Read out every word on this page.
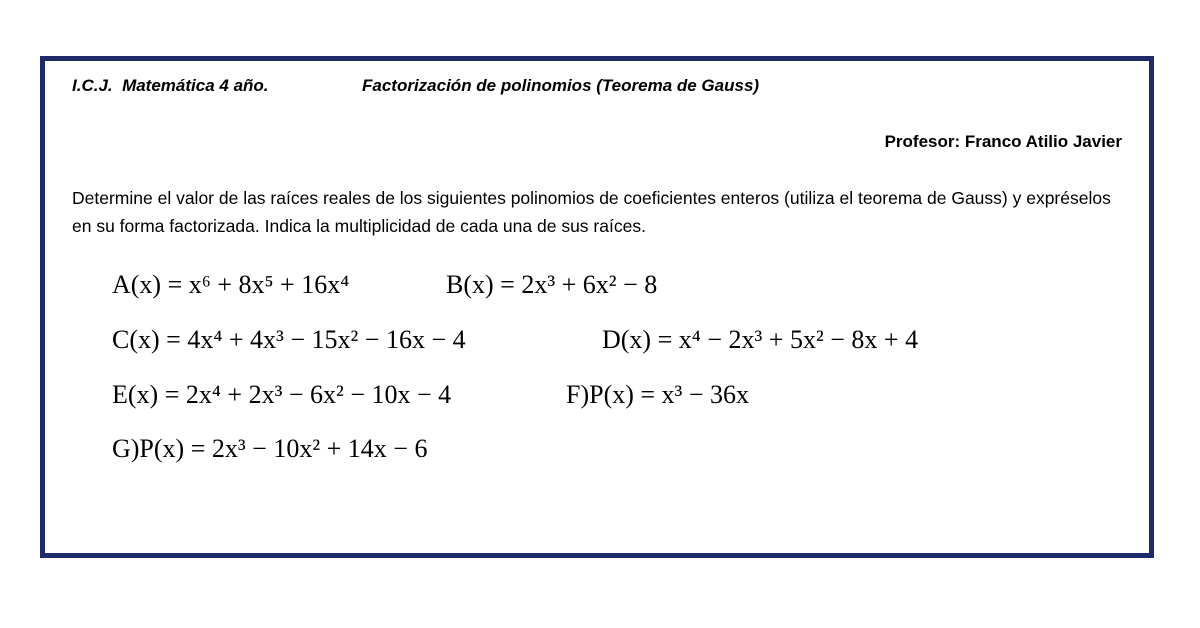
I.C.J.  Matemática 4 año.	Factorización de polinomios (Teorema de Gauss)
Profesor: Franco Atilio Javier
Determine el valor de las raíces reales de los siguientes polinomios de coeficientes enteros (utiliza el teorema de Gauss) y expréselos en su forma factorizada. Indica la multiplicidad de cada una de sus raíces.
A(x) = x⁶ + 8x⁵ + 16x⁴	B(x) = 2x³ + 6x² − 8
C(x) = 4x⁴ + 4x³ − 15x² − 16x − 4	D(x) = x⁴ − 2x³ + 5x² − 8x + 4
E(x) = 2x⁴ + 2x³ − 6x² − 10x − 4	F)P(x) = x³ − 36x
G)P(x) = 2x³ − 10x² + 14x − 6
